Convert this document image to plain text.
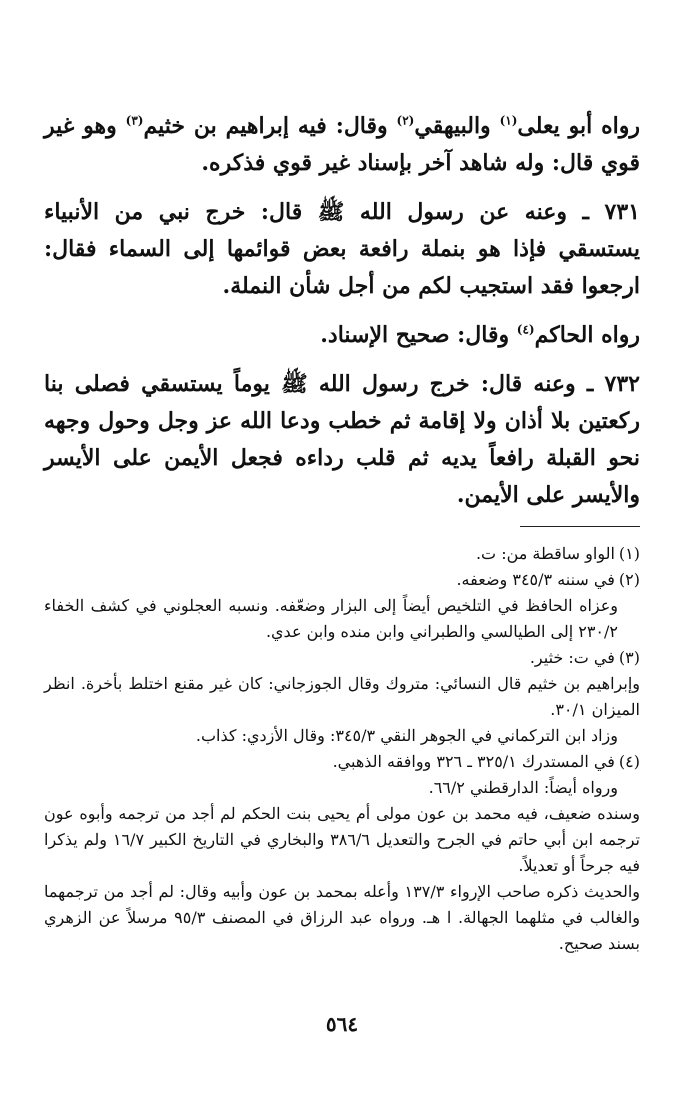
رواه أبو يعلى$^{(١)}$ والبيهقي$^{(٢)}$ وقال: فيه إبراهيم بن خثيم$^{(٣)}$ وهو غير قوي قال: وله شاهد آخر بإسناد غير قوي فذكره.

٧٣١ ـ وعنه عن رسول الله ﷺ قال: خرج نبي من الأنبياء يستسقي فإذا هو بنملة رافعة بعض قوائمها إلى السماء فقال: ارجعوا فقد استجيب لكم من أجل شأن النملة.

رواه الحاكم$^{(٤)}$ وقال: صحيح الإسناد.

٧٣٢ ـ وعنه قال: خرج رسول الله ﷺ يوماً يستسقي فصلى بنا ركعتين بلا أذان ولا إقامة ثم خطب ودعا الله عز وجل وحول وجهه نحو القبلة رافعاً يديه ثم قلب رداءه فجعل الأيمن على الأيسر والأيسر على الأيمن.

(١)الواو ساقطة من: ت.

(٢)في سننه ٣٤٥/٣ وضعفه.

وعزاه الحافظ في التلخيص أيضاً إلى البزار وضعّفه. ونسبه العجلوني في كشف الخفاء ٢٣٠/٢ إلى الطيالسي والطبراني وابن منده وابن عدي.

(٣)في ت: خثير.

وإبراهيم بن خثيم قال النسائي: متروك وقال الجوزجاني: كان غير مقنع اختلط بأخرة. انظر الميزان ٣٠/١.

وزاد ابن التركماني في الجوهر النقي ٣٤٥/٣: وقال الأزدي: كذاب.

(٤)في المستدرك ٣٢٥/١ ـ ٣٢٦ ووافقه الذهبي.

ورواه أيضاً: الدارقطني ٦٦/٢.

وسنده ضعيف، فيه محمد بن عون مولى أم يحيى بنت الحكم لم أجد من ترجمه وأبوه عون ترجمه ابن أبي حاتم في الجرح والتعديل ٣٨٦/٦ والبخاري في التاريخ الكبير ١٦/٧ ولم يذكرا فيه جرحاً أو تعديلاً.

والحديث ذكره صاحب الإرواء ١٣٧/٣ وأعله بمحمد بن عون وأبيه وقال: لم أجد من ترجمهما والغالب في مثلهما الجهالة. ا هـ. ورواه عبد الرزاق في المصنف ٩٥/٣ مرسلاً عن الزهري بسند صحيح.

٥٦٤
